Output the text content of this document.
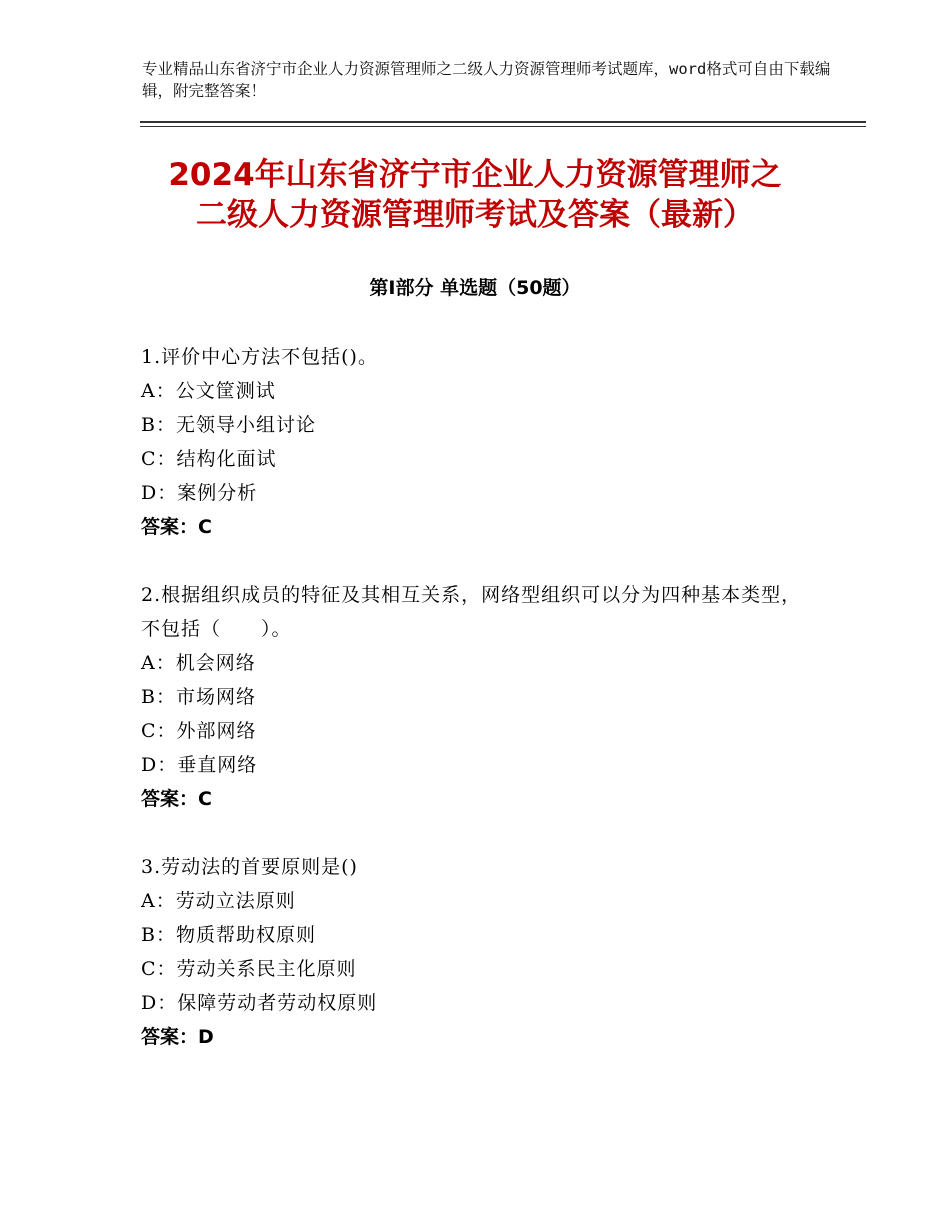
专业精品山东省济宁市企业人力资源管理师之二级人力资源管理师考试题库，word格式可自由下载编辑，附完整答案！
2024年山东省济宁市企业人力资源管理师之
二级人力资源管理师考试及答案（最新）
第Ⅰ部分 单选题（50题）
1.评价中心方法不包括()。
A：公文筐测试
B：无领导小组讨论
C：结构化面试
D：案例分析
答案：C
2.根据组织成员的特征及其相互关系，网络型组织可以分为四种基本类型，不包括（ ）。
A：机会网络
B：市场网络
C：外部网络
D：垂直网络
答案：C
3.劳动法的首要原则是()
A：劳动立法原则
B：物质帮助权原则
C：劳动关系民主化原则
D：保障劳动者劳动权原则
答案：D
